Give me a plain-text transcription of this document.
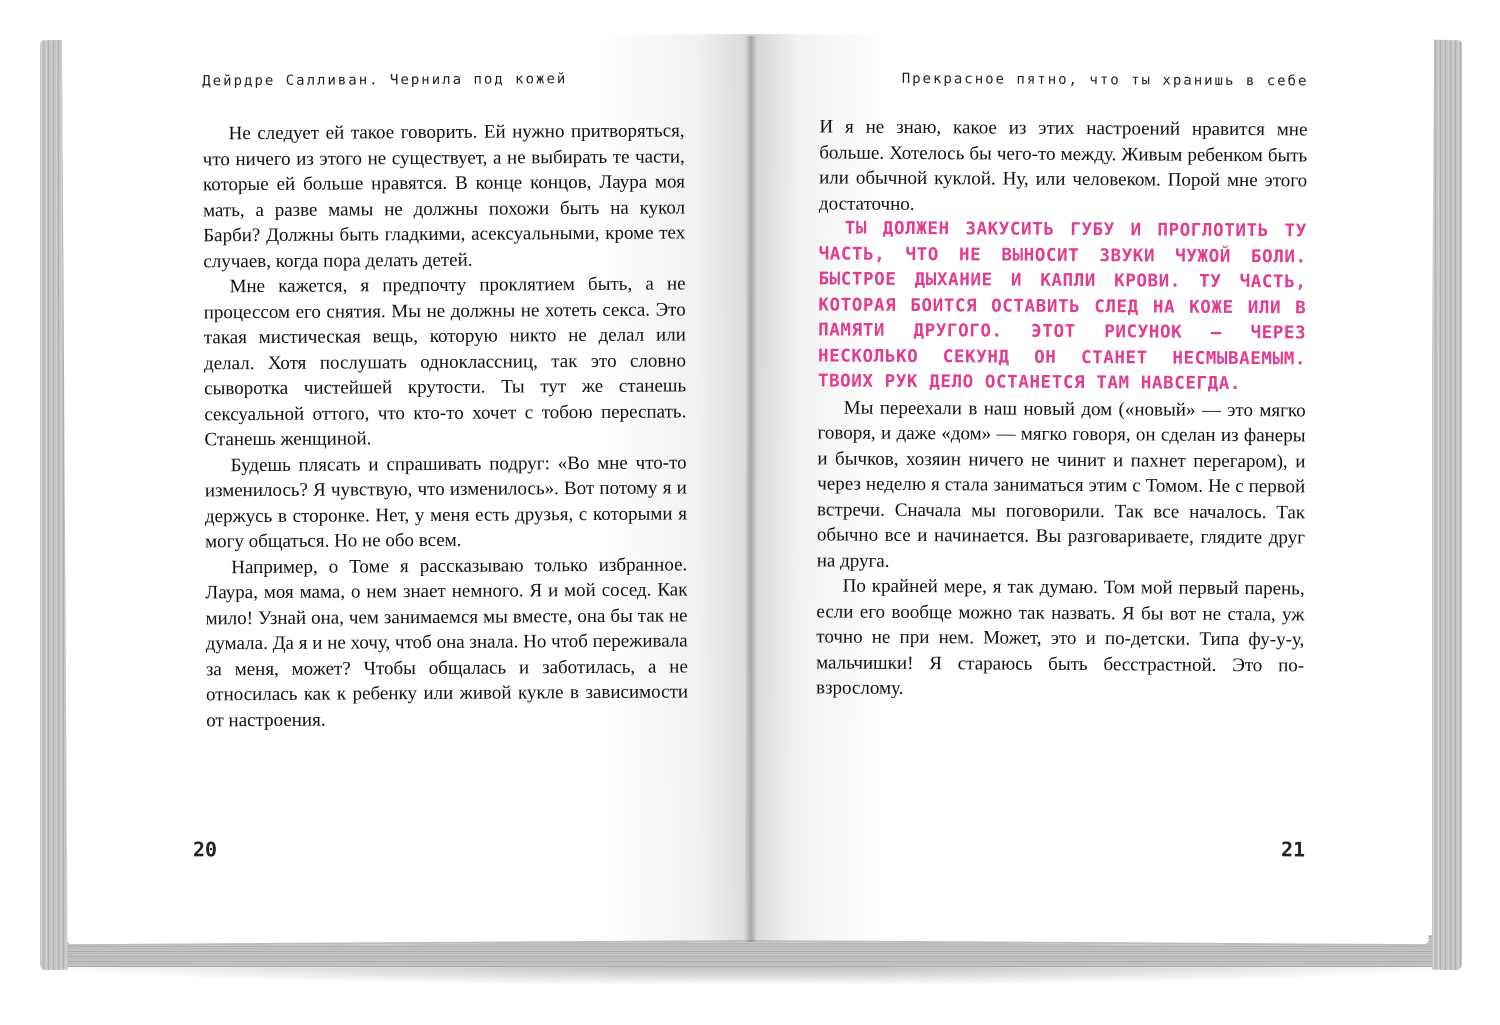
Дейрдре Салливан. Чернила под кожей

Не следует ей такое говорить. Ей нужно притворяться, что ничего из этого не существует, а не выбирать те части, которые ей больше нравятся. В конце концов, Лаура моя мать, а разве мамы не должны похожи быть на кукол Барби? Должны быть гладкими, асексуальными, кроме тех случаев, когда пора делать детей.

Мне кажется, я предпочту проклятием быть, а не процессом его снятия. Мы не должны не хотеть секса. Это такая мистическая вещь, которую никто не делал или делал. Хотя послушать одноклассниц, так это словно сыворотка чистейшей крутости. Ты тут же станешь сексуальной оттого, что кто-то хочет с тобою переспать. Станешь женщиной.

Будешь плясать и спрашивать подруг: «Во мне что-то изменилось? Я чувствую, что изменилось». Вот потому я и держусь в сторонке. Нет, у меня есть друзья, с которыми я могу общаться. Но не обо всем.

Например, о Томе я рассказываю только избранное. Лаура, моя мама, о нем знает немного. Я и мой сосед. Как мило! Узнай она, чем занимаемся мы вместе, она бы так не думала. Да я и не хочу, чтоб она знала. Но чтоб переживала за меня, может? Чтобы общалась и заботилась, а не относилась как к ребенку или живой кукле в зависимости от настроения.

20
Прекрасное пятно, что ты хранишь в себе

И я не знаю, какое из этих настроений нравится мне больше. Хотелось бы чего-то между. Живым ребенком быть или обычной куклой. Ну, или человеком. Порой мне этого достаточно.

ТЫ ДОЛЖЕН ЗАКУСИТЬ ГУБУ И ПРОГЛОТИТЬ ТУ ЧАСТЬ, ЧТО НЕ ВЫНОСИТ ЗВУКИ ЧУЖОЙ БОЛИ. БЫСТРОЕ ДЫХАНИЕ И КАПЛИ КРОВИ. ТУ ЧАСТЬ, КОТОРАЯ БОИТСЯ ОСТАВИТЬ СЛЕД НА КОЖЕ ИЛИ В ПАМЯТИ ДРУГОГО. ЭТОТ РИСУНОК — ЧЕРЕЗ НЕСКОЛЬКО СЕКУНД ОН СТАНЕТ НЕСМЫВАЕМЫМ. ТВОИХ РУК ДЕЛО ОСТАНЕТСЯ ТАМ НАВСЕГДА.

Мы переехали в наш новый дом («новый» — это мягко говоря, и даже «дом» — мягко говоря, он сделан из фанеры и бычков, хозяин ничего не чинит и пахнет перегаром), и через неделю я стала заниматься этим с Томом. Не с первой встречи. Сначала мы поговорили. Так все началось. Так обычно все и начинается. Вы разговариваете, глядите друг на друга.

По крайней мере, я так думаю. Том мой первый парень, если его вообще можно так назвать. Я бы вот не стала, уж точно не при нем. Может, это и по-детски. Типа фу-у-у, мальчишки! Я стараюсь быть бесстрастной. Это по-взрослому.

21
